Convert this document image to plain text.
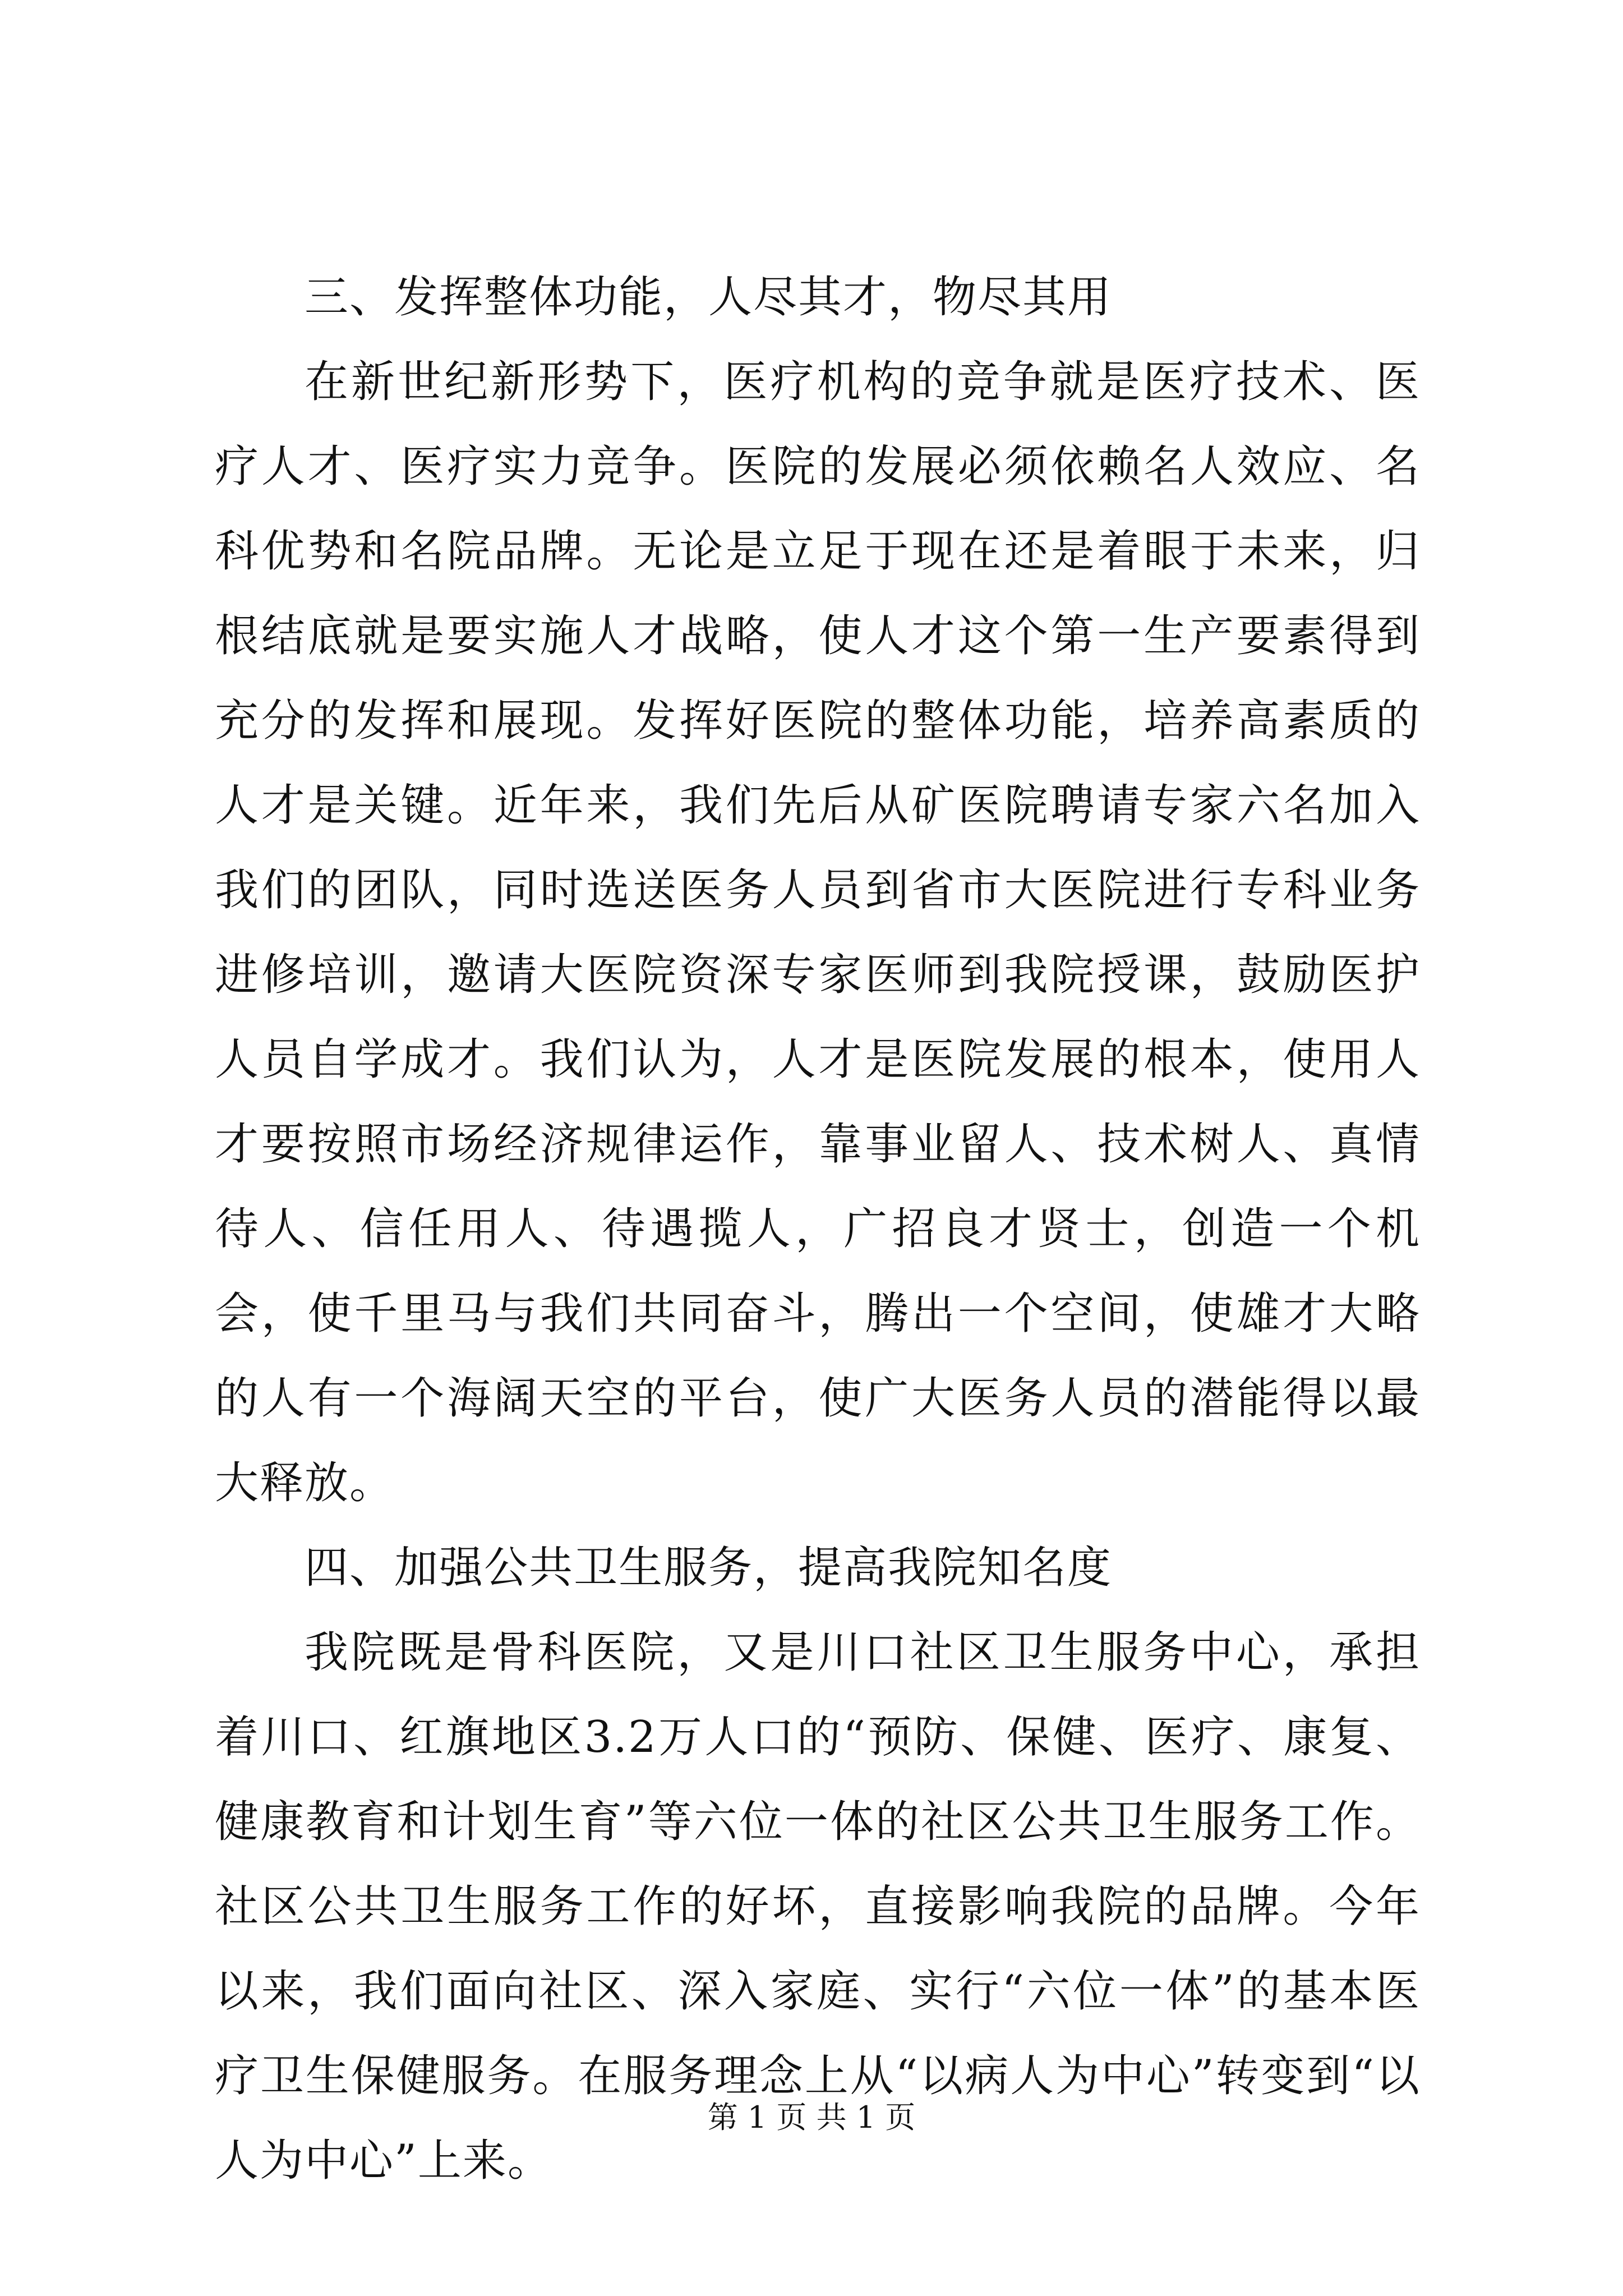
三、发挥整体功能，人尽其才，物尽其用

在新世纪新形势下，医疗机构的竞争就是医疗技术、医疗人才、医疗实力竞争。医院的发展必须依赖名人效应、名科优势和名院品牌。无论是立足于现在还是着眼于未来，归根结底就是要实施人才战略，使人才这个第一生产要素得到充分的发挥和展现。发挥好医院的整体功能，培养高素质的人才是关键。近年来，我们先后从矿医院聘请专家六名加入我们的团队，同时选送医务人员到省市大医院进行专科业务进修培训，邀请大医院资深专家医师到我院授课，鼓励医护人员自学成才。我们认为，人才是医院发展的根本，使用人才要按照市场经济规律运作，靠事业留人、技术树人、真情待人、信任用人、待遇揽人，广招良才贤士，创造一个机会，使千里马与我们共同奋斗，腾出一个空间，使雄才大略的人有一个海阔天空的平台，使广大医务人员的潜能得以最大释放。

四、加强公共卫生服务，提高我院知名度

我院既是骨科医院，又是川口社区卫生服务中心，承担着川口、红旗地区3.2万人口的“预防、保健、医疗、康复、健康教育和计划生育”等六位一体的社区公共卫生服务工作。社区公共卫生服务工作的好坏，直接影响我院的品牌。今年以来，我们面向社区、深入家庭、实行“六位一体”的基本医疗卫生保健服务。在服务理念上从“以病人为中心”转变到“以人为中心”上来。

第 1 页 共 1 页
